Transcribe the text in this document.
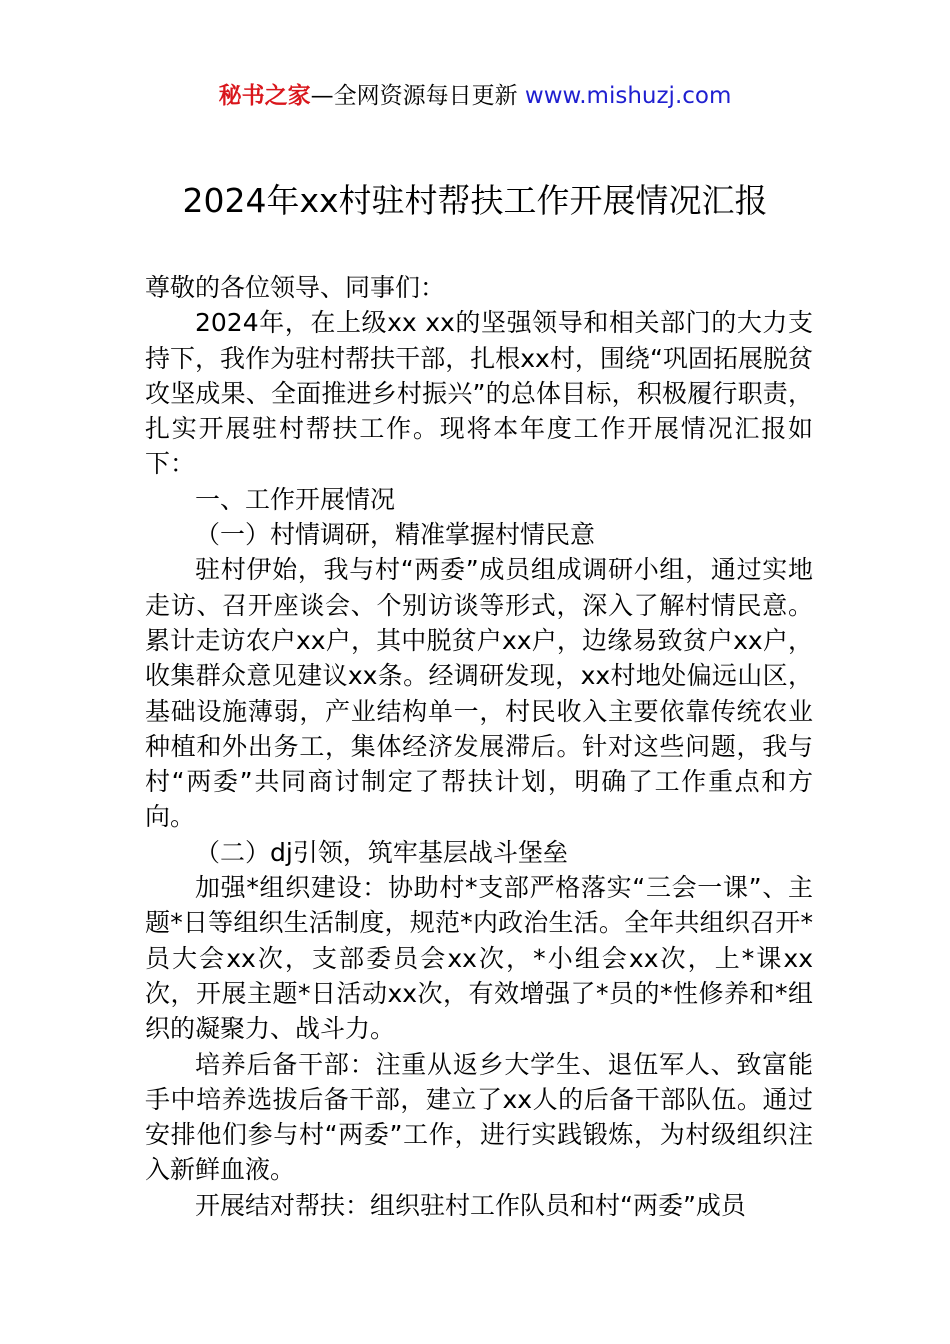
秘书之家—全网资源每日更新 www.mishuzj.com
2024年xx村驻村帮扶工作开展情况汇报

尊敬的各位领导、同事们：

2024年，在上级xx xx的坚强领导和相关部门的大力支持下，我作为驻村帮扶干部，扎根xx村，围绕“巩固拓展脱贫攻坚成果、全面推进乡村振兴”的总体目标，积极履行职责，扎实开展驻村帮扶工作。现将本年度工作开展情况汇报如下：

一、工作开展情况

（一）村情调研，精准掌握村情民意

驻村伊始，我与村“两委”成员组成调研小组，通过实地走访、召开座谈会、个别访谈等形式，深入了解村情民意。累计走访农户xx户，其中脱贫户xx户，边缘易致贫户xx户，收集群众意见建议xx条。经调研发现，xx村地处偏远山区，基础设施薄弱，产业结构单一，村民收入主要依靠传统农业种植和外出务工，集体经济发展滞后。针对这些问题，我与村“两委”共同商讨制定了帮扶计划，明确了工作重点和方向。

（二）dj引领，筑牢基层战斗堡垒

加强*组织建设：协助村*支部严格落实“三会一课”、主题*日等组织生活制度，规范*内政治生活。全年共组织召开*员大会xx次，支部委员会xx次，*小组会xx次，上*课xx次，开展主题*日活动xx次，有效增强了*员的*性修养和*组织的凝聚力、战斗力。

培养后备干部：注重从返乡大学生、退伍军人、致富能手中培养选拔后备干部，建立了xx人的后备干部队伍。通过安排他们参与村“两委”工作，进行实践锻炼，为村级组织注入新鲜血液。

开展结对帮扶：组织驻村工作队员和村“两委”成员
